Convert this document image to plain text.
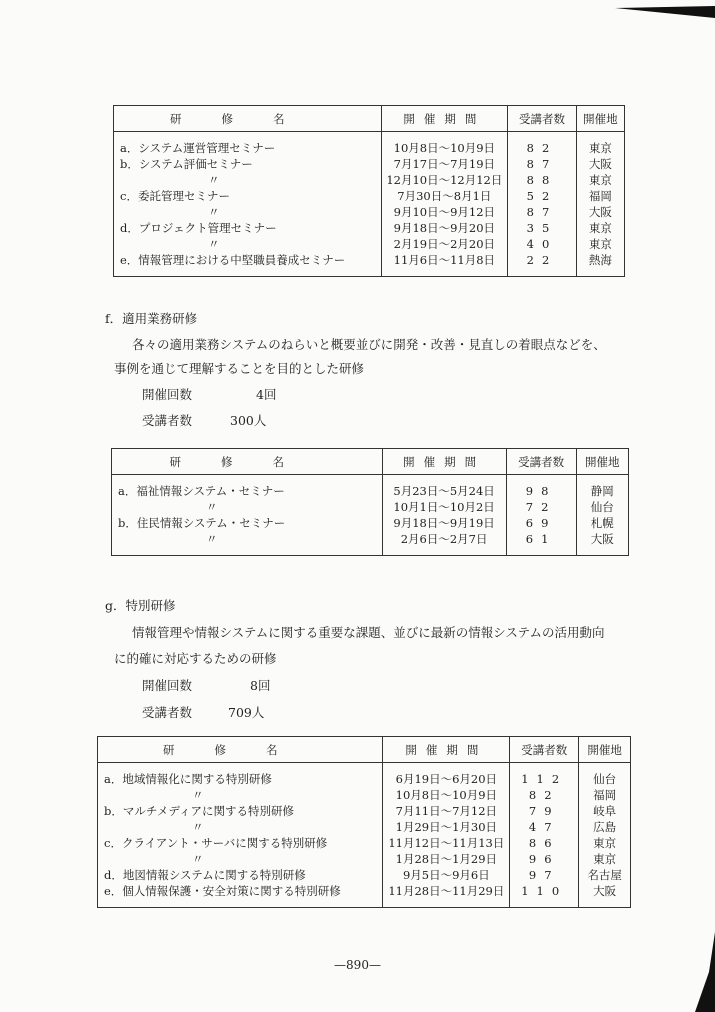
研修名	開催期間	受講者数	開催地

a．システム運営管理セミナー	10月8日〜10月9日	82	東京
b．システム評価セミナー	7月17日〜7月19日	87	大阪
〃	12月10日〜12月12日	88	東京
c．委託管理セミナー	7月30日〜8月1日	52	福岡
〃	9月10日〜9月12日	87	大阪
d．プロジェクト管理セミナー	9月18日〜9月20日	35	東京
〃	2月19日〜2月20日	40	東京
e．情報管理における中堅職員養成セミナー	11月6日〜11月8日	22	熱海

f．適用業務研修
各々の適用業務システムのねらいと概要並びに開発・改善・見直しの着眼点などを、
事例を通じて理解することを目的とした研修
開催回数	4回
受講者数	300人
研修名	開催期間	受講者数	開催地

a．福祉情報システム・セミナー	5月23日〜5月24日	98	静岡
〃	10月1日〜10月2日	72	仙台
b．住民情報システム・セミナー	9月18日〜9月19日	69	札幌
〃	2月6日〜2月7日	61	大阪

g．特別研修
情報管理や情報システムに関する重要な課題、並びに最新の情報システムの活用動向
に的確に対応するための研修
開催回数	8回
受講者数	709人
研修名	開催期間	受講者数	開催地

a．地域情報化に関する特別研修	6月19日〜6月20日	112	仙台
〃	10月8日〜10月9日	82	福岡
b．マルチメディアに関する特別研修	7月11日〜7月12日	79	岐阜
〃	1月29日〜1月30日	47	広島
c．クライアント・サーバに関する特別研修	11月12日〜11月13日	86	東京
〃	1月28日〜1月29日	96	東京
d．地図情報システムに関する特別研修	9月5日〜9月6日	97	名古屋
e．個人情報保護・安全対策に関する特別研修	11月28日〜11月29日	110	大阪

—890—
